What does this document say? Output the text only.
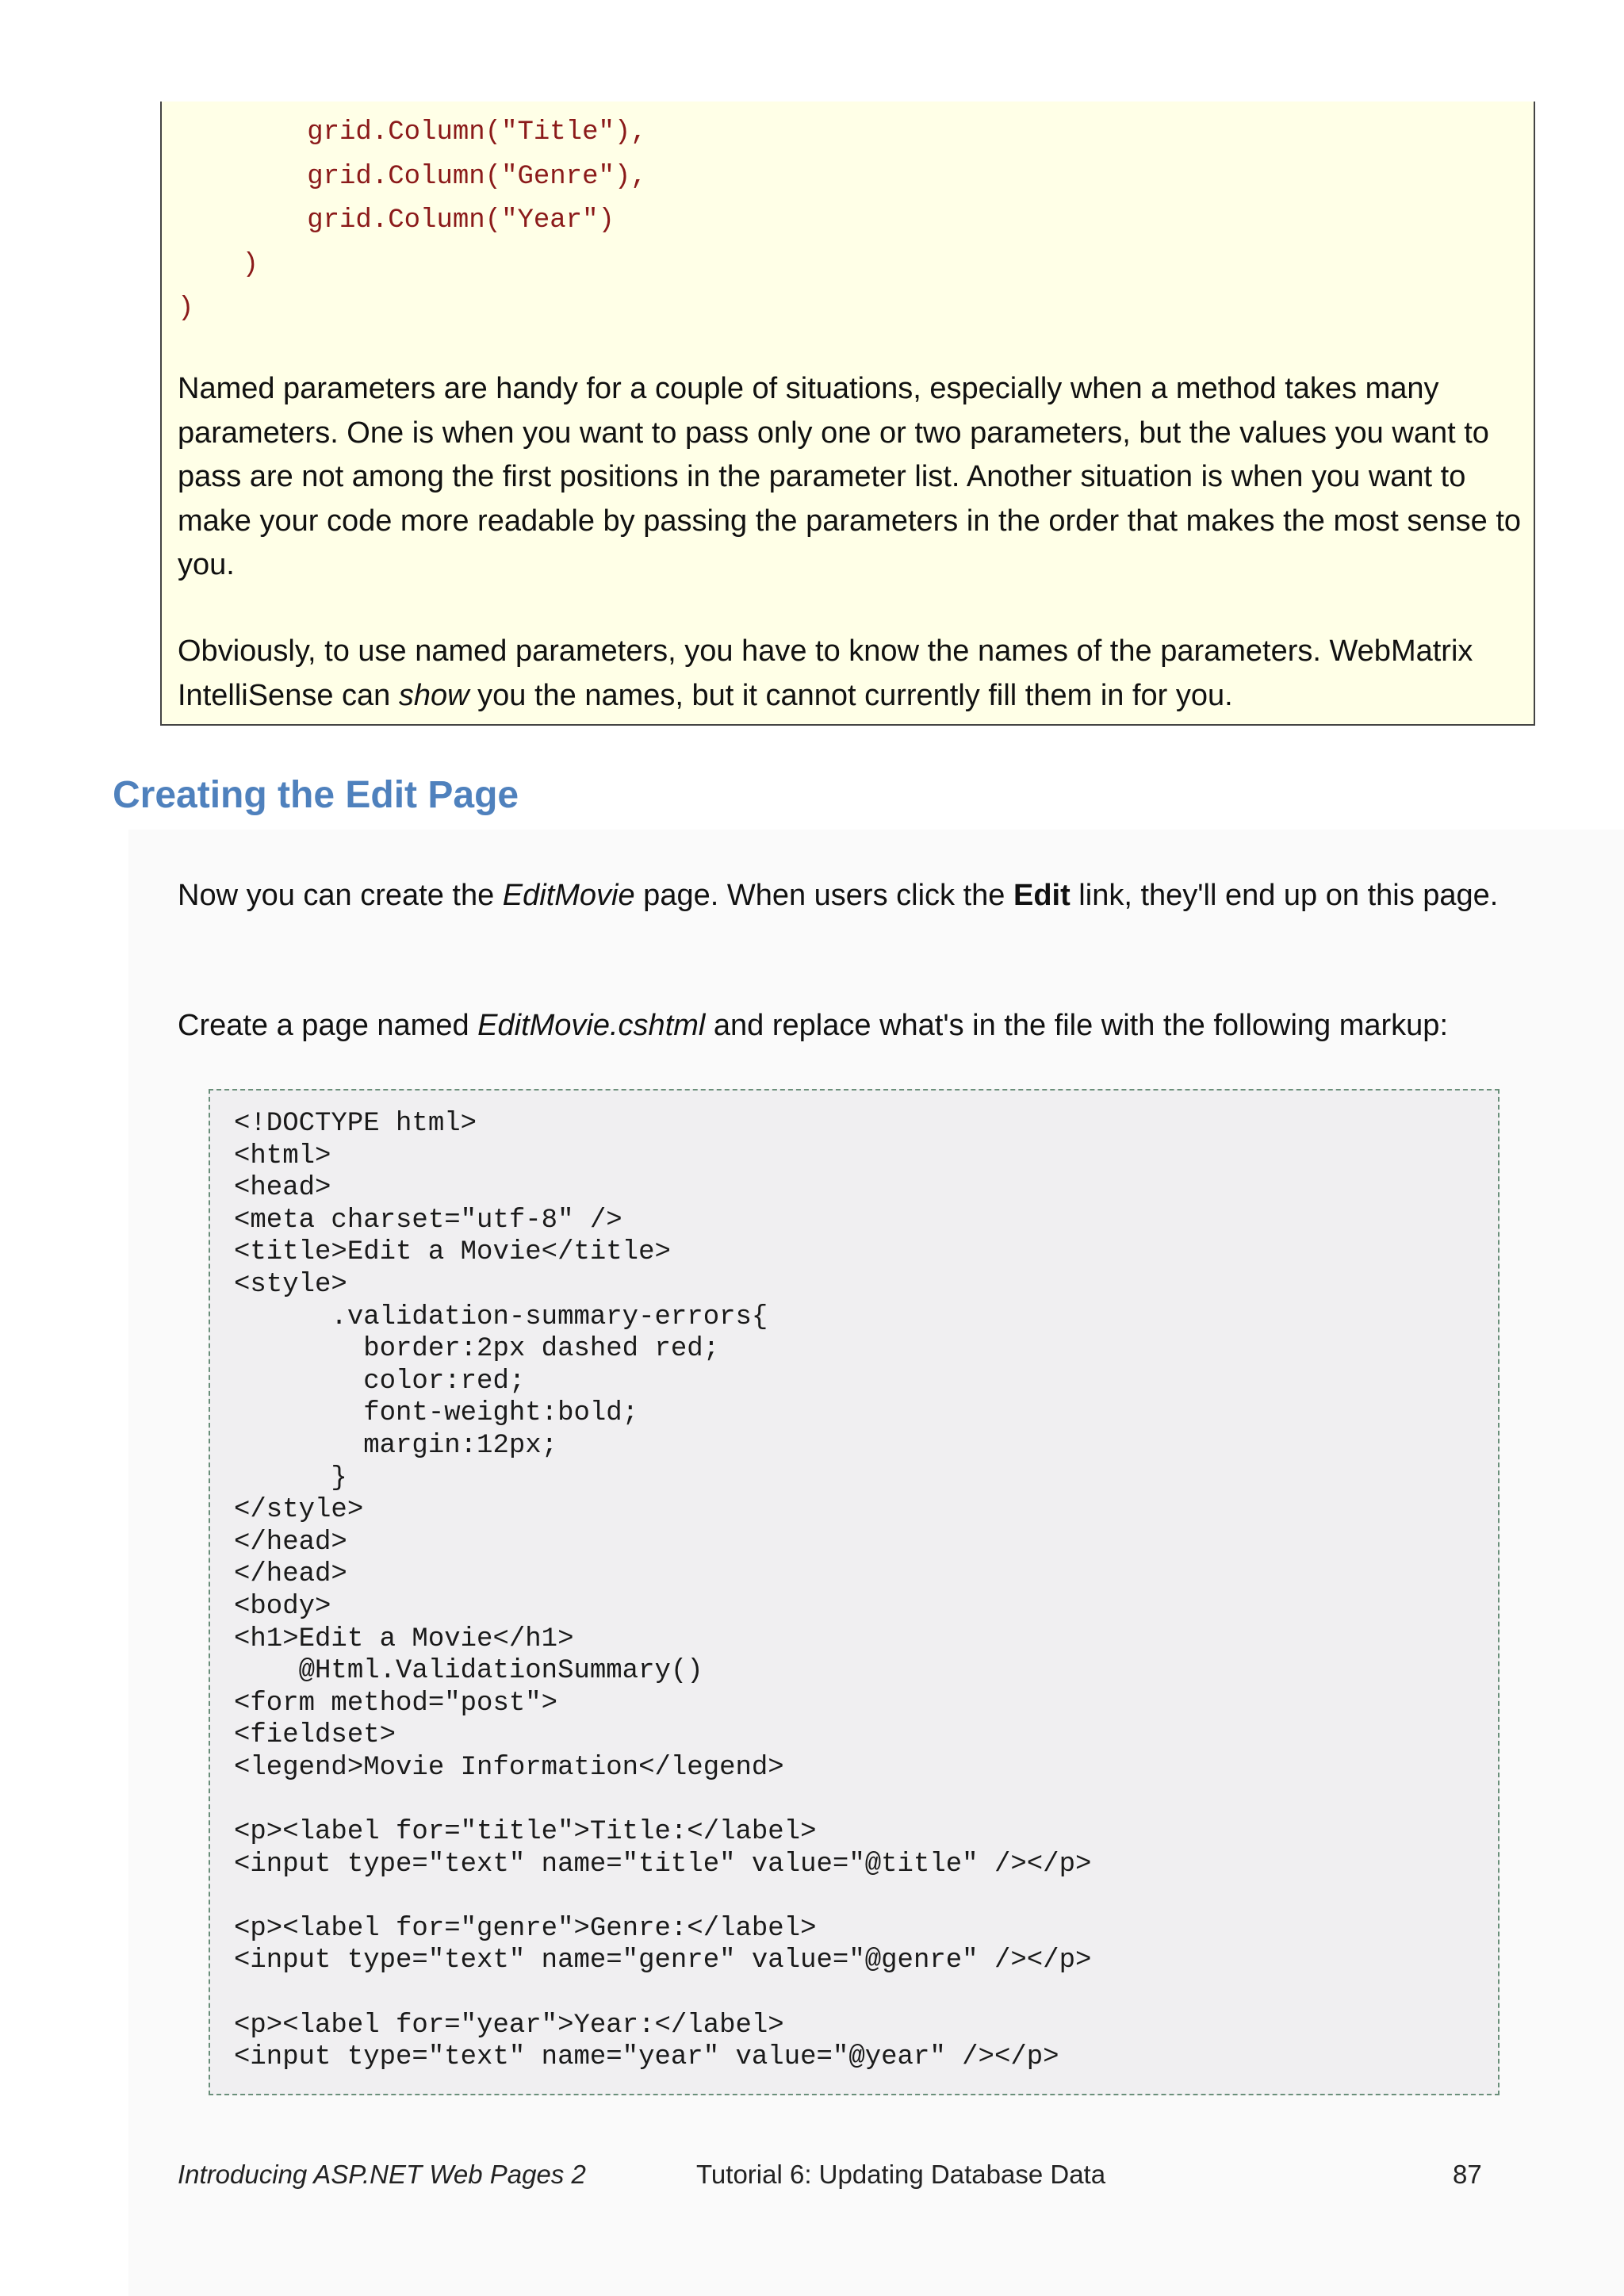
grid.Column("Title"),
grid.Column("Genre"),
grid.Column("Year")
)
)

Named parameters are handy for a couple of situations, especially when a method takes many parameters. One is when you want to pass only one or two parameters, but the values you want to pass are not among the first positions in the parameter list. Another situation is when you want to make your code more readable by passing the parameters in the order that makes the most sense to you.

Obviously, to use named parameters, you have to know the names of the parameters. WebMatrix IntelliSense can show you the names, but it cannot currently fill them in for you.

Creating the Edit Page

Now you can create the EditMovie page. When users click the Edit link, they'll end up on this page.

Create a page named EditMovie.cshtml and replace what's in the file with the following markup:

<!DOCTYPE html>
<html>
<head>
<meta charset="utf-8" />
<title>Edit a Movie</title>
<style>
.validation-summary-errors{
border:2px dashed red;
color:red;
font-weight:bold;
margin:12px;
}
</style>
</head>
</head>
<body>
<h1>Edit a Movie</h1>
@Html.ValidationSummary()
<form method="post">
<fieldset>
<legend>Movie Information</legend>

<p><label for="title">Title:</label>
<input type="text" name="title" value="@title" /></p>

<p><label for="genre">Genre:</label>
<input type="text" name="genre" value="@genre" /></p>

<p><label for="year">Year:</label>
<input type="text" name="year" value="@year" /></p>
Introducing ASP.NET Web Pages 2	Tutorial 6: Updating Database Data	87
